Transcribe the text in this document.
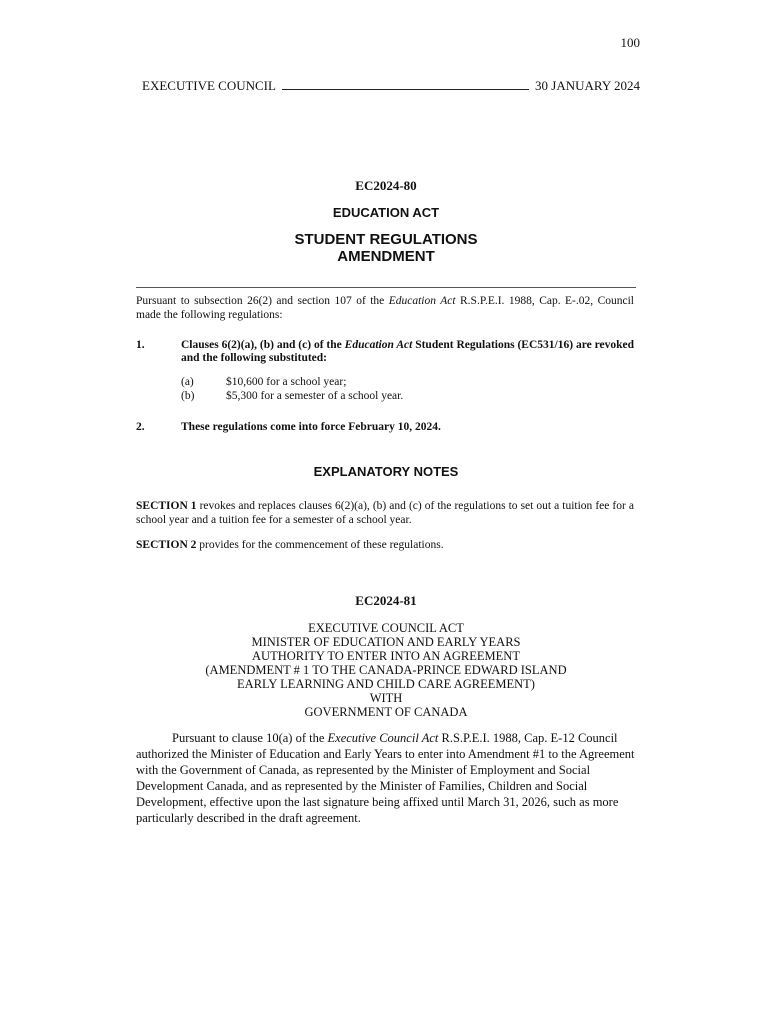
100
EXECUTIVE COUNCIL	30 JANUARY 2024
EC2024-80
EDUCATION ACT
STUDENT REGULATIONS
AMENDMENT
Pursuant to subsection 26(2) and section 107 of the Education Act R.S.P.E.I. 1988, Cap. E-.02, Council made the following regulations:
1.	Clauses 6(2)(a), (b) and (c) of the Education Act Student Regulations (EC531/16) are revoked and the following substituted:
(a)	$10,600 for a school year;
(b)	$5,300 for a semester of a school year.
2.	These regulations come into force February 10, 2024.
EXPLANATORY NOTES
SECTION 1 revokes and replaces clauses 6(2)(a), (b) and (c) of the regulations to set out a tuition fee for a school year and a tuition fee for a semester of a school year.
SECTION 2 provides for the commencement of these regulations.
EC2024-81
EXECUTIVE COUNCIL ACT
MINISTER OF EDUCATION AND EARLY YEARS
AUTHORITY TO ENTER INTO AN AGREEMENT
(AMENDMENT # 1 TO THE CANADA-PRINCE EDWARD ISLAND
EARLY LEARNING AND CHILD CARE AGREEMENT)
WITH
GOVERNMENT OF CANADA
Pursuant to clause 10(a) of the Executive Council Act R.S.P.E.I. 1988, Cap. E-12 Council authorized the Minister of Education and Early Years to enter into Amendment #1 to the Agreement with the Government of Canada, as represented by the Minister of Employment and Social Development Canada, and as represented by the Minister of Families, Children and Social Development, effective upon the last signature being affixed until March 31, 2026, such as more particularly described in the draft agreement.
